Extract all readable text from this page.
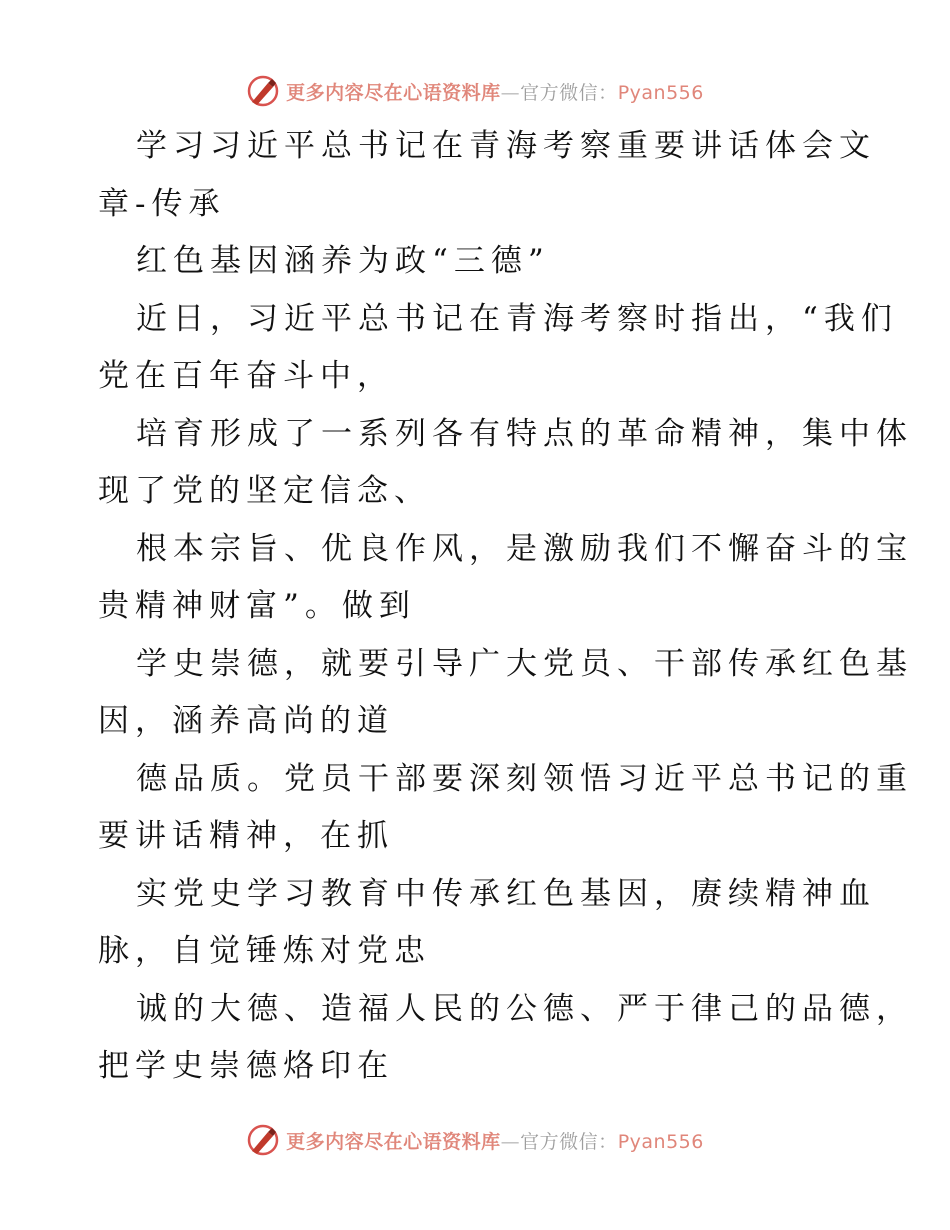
更多内容尽在心语资料库—官方微信：Pyan556

学习习近平总书记在青海考察重要讲话体会文
章-传承

红色基因涵养为政“三德”

近日，习近平总书记在青海考察时指出，“我们
党在百年奋斗中，

培育形成了一系列各有特点的革命精神，集中体
现了党的坚定信念、

根本宗旨、优良作风，是激励我们不懈奋斗的宝
贵精神财富”。做到

学史崇德，就要引导广大党员、干部传承红色基
因，涵养高尚的道

德品质。党员干部要深刻领悟习近平总书记的重
要讲话精神，在抓

实党史学习教育中传承红色基因，赓续精神血
脉，自觉锤炼对党忠

诚的大德、造福人民的公德、严于律己的品德，
把学史崇德烙印在

更多内容尽在心语资料库—官方微信：Pyan556
